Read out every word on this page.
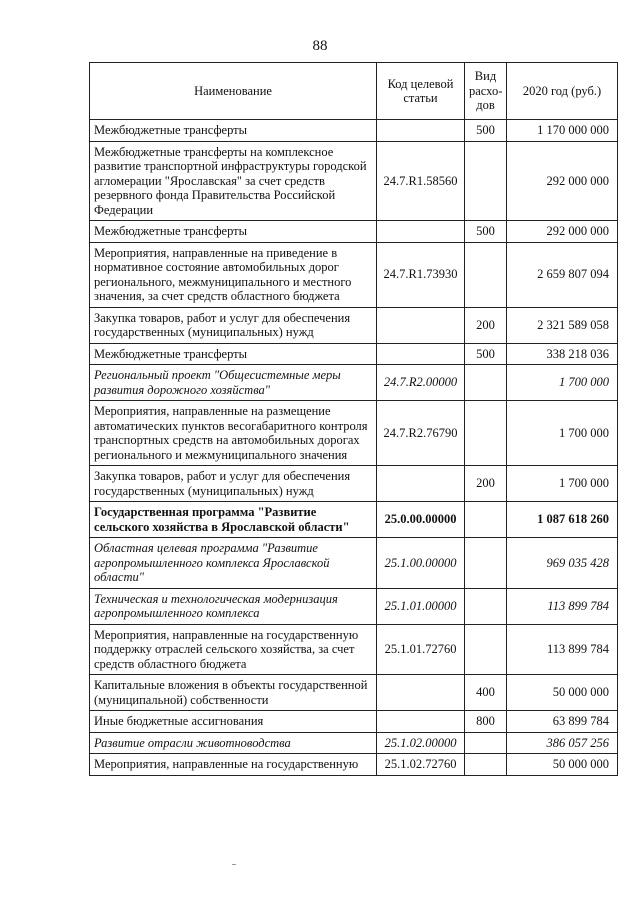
88
Наименование	Код целевой статьи	Вид расхо-дов	2020 год (руб.)
Межбюджетные трансферты		500	1 170 000 000
Межбюджетные трансферты на комплексное развитие транспортной инфраструктуры городской агломерации "Ярославская" за счет средств резервного фонда Правительства Российской Федерации	24.7.R1.58560		292 000 000
Межбюджетные трансферты		500	292 000 000
Мероприятия, направленные на приведение в нормативное состояние автомобильных дорог регионального, межмуниципального и местного значения, за счет средств областного бюджета	24.7.R1.73930		2 659 807 094
Закупка товаров, работ и услуг для обеспечения государственных (муниципальных) нужд		200	2 321 589 058
Межбюджетные трансферты		500	338 218 036
Региональный проект "Общесистемные меры развития дорожного хозяйства"	24.7.R2.00000		1 700 000
Мероприятия, направленные на размещение автоматических пунктов весогабаритного контроля транспортных средств на автомобильных дорогах регионального и межмуниципального значения	24.7.R2.76790		1 700 000
Закупка товаров, работ и услуг для обеспечения государственных (муниципальных) нужд		200	1 700 000
Государственная программа "Развитие сельского хозяйства в Ярославской области"	25.0.00.00000		1 087 618 260
Областная целевая программа "Развитие агропромышленного комплекса Ярославской области"	25.1.00.00000		969 035 428
Техническая и технологическая модернизация агропромышленного комплекса	25.1.01.00000		113 899 784
Мероприятия, направленные на государственную поддержку отраслей сельского хозяйства, за счет средств областного бюджета	25.1.01.72760		113 899 784
Капитальные вложения в объекты государственной (муниципальной) собственности		400	50 000 000
Иные бюджетные ассигнования		800	63 899 784
Развитие отрасли животноводства	25.1.02.00000		386 057 256
Мероприятия, направленные на государственную	25.1.02.72760		50 000 000
